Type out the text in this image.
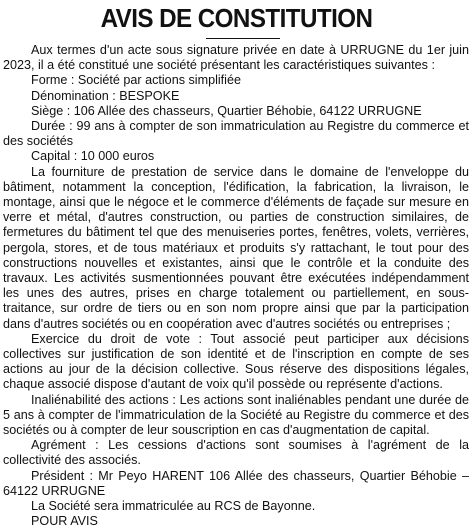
AVIS DE CONSTITUTION

Aux termes d'un acte sous signature privée en date à URRUGNE du 1er juin 2023, il a été constitué une société présentant les caractéristiques suivantes :

Forme : Société par actions simplifiée

Dénomination : BESPOKE

Siège : 106 Allée des chasseurs, Quartier Béhobie, 64122 URRUGNE

Durée : 99 ans à compter de son immatriculation au Registre du commerce et des sociétés

Capital : 10 000 euros

La fourniture de prestation de service dans le domaine de l'enveloppe du bâtiment, notamment la conception, l'édification, la fabrication, la livraison, le montage, ainsi que le négoce et le commerce d'éléments de façade sur mesure en verre et métal, d'autres construction, ou parties de construction similaires, de fermetures du bâtiment tel que des menuiseries portes, fenêtres, volets, verrières, pergola, stores, et de tous matériaux et produits s'y rattachant, le tout pour des constructions nouvelles et existantes, ainsi que le contrôle et la conduite des travaux. Les activités susmentionnées pouvant être exécutées indépendamment les unes des autres, prises en charge totalement ou partiellement, en sous-traitance, sur ordre de tiers ou en son nom propre ainsi que par la participation dans d'autres sociétés ou en coopération avec d'autres sociétés ou entreprises ;

Exercice du droit de vote : Tout associé peut participer aux décisions collectives sur justification de son identité et de l'inscription en compte de ses actions au jour de la décision collective. Sous réserve des dispositions légales, chaque associé dispose d'autant de voix qu'il possède ou représente d'actions.

Inaliénabilité des actions : Les actions sont inaliénables pendant une durée de 5 ans à compter de l'immatriculation de la Société au Registre du commerce et des sociétés ou à compter de leur souscription en cas d'augmentation de capital.

Agrément : Les cessions d'actions sont soumises à l'agrément de la collectivité des associés.

Président : Mr Peyo HARENT 106 Allée des chasseurs, Quartier Béhobie – 64122 URRUGNE

La Société sera immatriculée au RCS de Bayonne.

POUR AVIS
